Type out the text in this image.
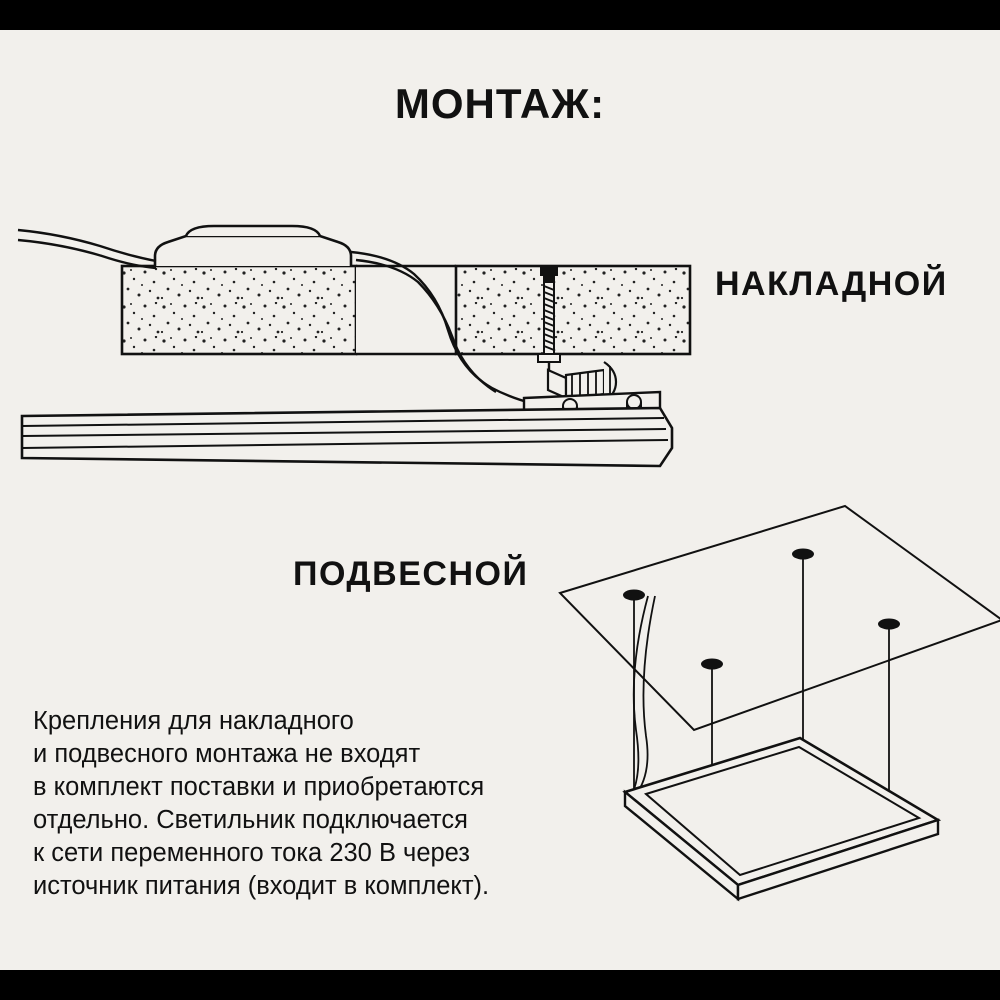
МОНТАЖ:
НАКЛАДНОЙ
ПОДВЕСНОЙ
Крепления для накладного
и подвесного монтажа не входят
в комплект поставки и приобретаются
отдельно. Светильник подключается
к сети переменного тока 230 В через
источник питания (входит в комплект).
